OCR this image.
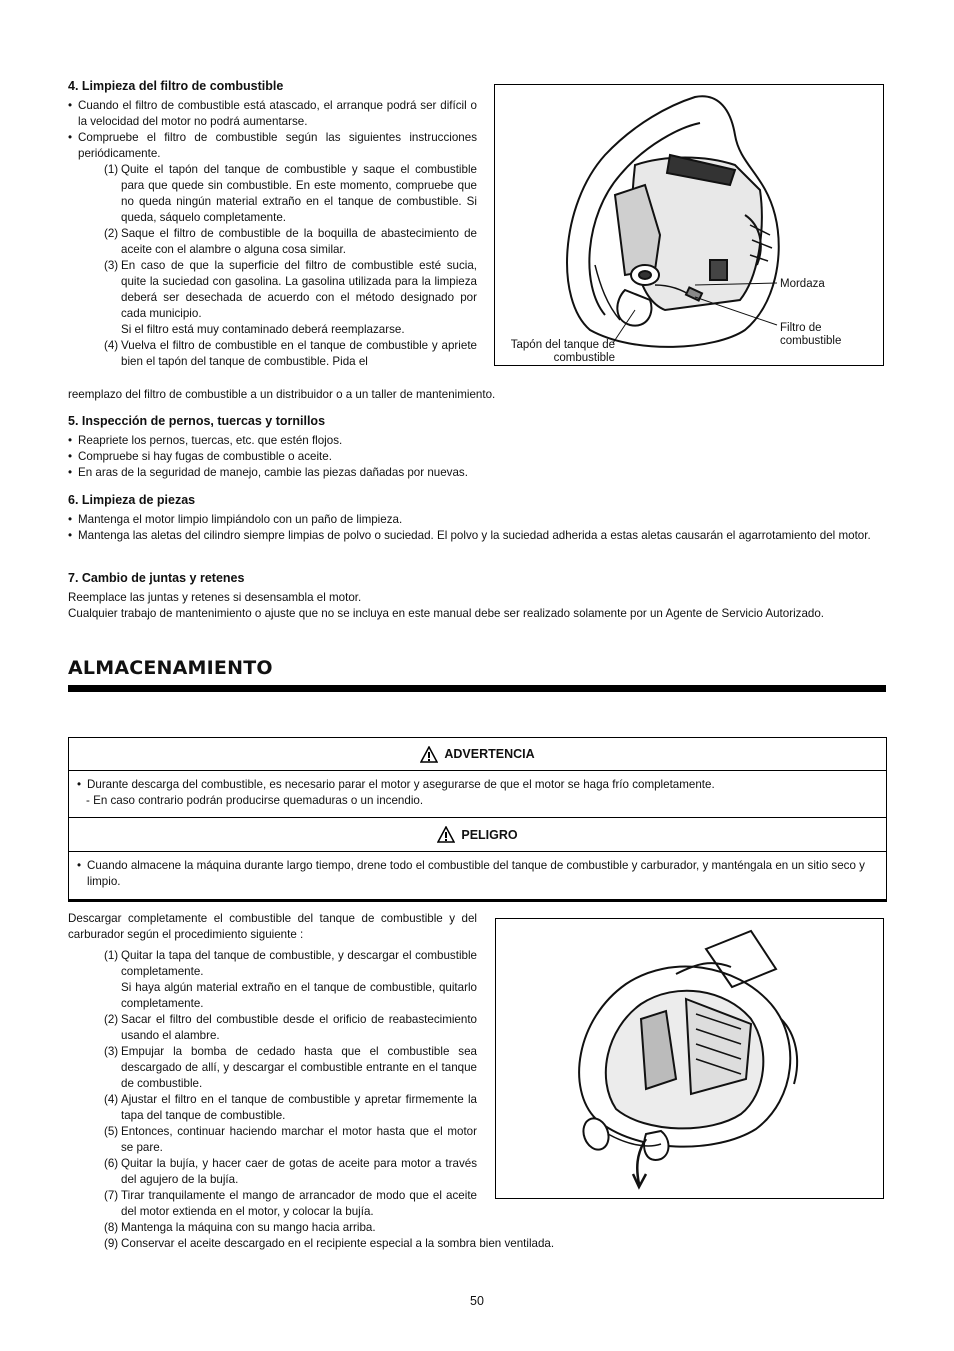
4. Limpieza del filtro de combustible
• Cuando el filtro de combustible está atascado, el arranque podrá ser difícil o la velocidad del motor no podrá aumentarse.
• Compruebe el filtro de combustible según las siguientes instrucciones periódicamente.
(1) Quite el tapón del tanque de combustible y saque el combustible para que quede sin combustible. En este momento, compruebe que no queda ningún material extraño en el tanque de combustible. Si queda, sáquelo completamente.
(2) Saque el filtro de combustible de la boquilla de abastecimiento de aceite con el alambre o alguna cosa similar.
(3) En caso de que la superficie del filtro de combustible esté sucia, quite la suciedad con gasolina. La gasolina utilizada para la limpieza deberá ser desechada de acuerdo con el método designado por cada municipio.
Si el filtro está muy contaminado deberá reemplazarse.
(4) Vuelva el filtro de combustible en el tanque de combustible y apriete bien el tapón del tanque de combustible. Pida el
reemplazo del filtro de combustible a un distribuidor o a un taller de mantenimiento.
Mordaza
Filtro de
combustible
Tapón del tanque de
combustible
5. Inspección de pernos, tuercas y tornillos
• Reapriete los pernos, tuercas, etc. que estén flojos.
• Compruebe si hay fugas de combustible o aceite.
• En aras de la seguridad de manejo, cambie las piezas dañadas por nuevas.
6. Limpieza de piezas
• Mantenga el motor limpio limpiándolo con un paño de limpieza.
• Mantenga las aletas del cilindro siempre limpias de polvo o suciedad. El polvo y la suciedad adherida a estas aletas causarán el agarrotamiento del motor.
7. Cambio de juntas y retenes
Reemplace las juntas y retenes si desensambla el motor.
Cualquier trabajo de mantenimiento o ajuste que no se incluya en este manual debe ser realizado solamente por un Agente de Servicio Autorizado.
ALMACENAMIENTO
ADVERTENCIA
• Durante descarga del combustible, es necesario parar el motor y asegurarse de que el motor se haga frío completamente.
- En caso contrario podrán producirse quemaduras o un incendio.
PELIGRO
• Cuando almacene la máquina durante largo tiempo, drene todo el combustible del tanque de combustible y carburador, y manténgala en un sitio seco y limpio.
Descargar completamente el combustible del tanque de combustible y del carburador según el procedimiento siguiente :
(1) Quitar la tapa del tanque de combustible, y descargar el combustible completamente.
Si haya algún material extraño en el tanque de combustible, quitarlo completamente.
(2) Sacar el filtro del combustible desde el orificio de reabastecimiento usando el alambre.
(3) Empujar la bomba de cedado hasta que el combustible sea descargado de allí, y descargar el combustible entrante en el tanque de combustible.
(4) Ajustar el filtro en el tanque de combustible y apretar firmemente la tapa del tanque de combustible.
(5) Entonces, continuar haciendo marchar el motor hasta que el motor se pare.
(6) Quitar la bujía, y hacer caer de gotas de aceite para motor a través del agujero de la bujía.
(7) Tirar tranquilamente el mango de arrancador de modo que el aceite del motor extienda en el motor, y colocar la bujía.
(8) Mantenga la máquina con su mango hacia arriba.
(9) Conservar el aceite descargado en el recipiente especial a la sombra bien ventilada.
50
